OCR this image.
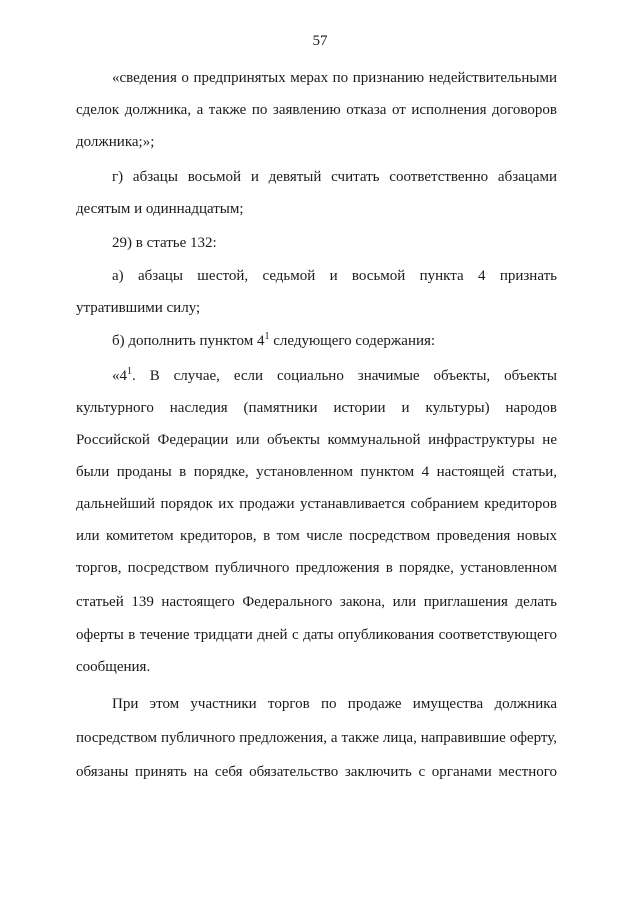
57
«сведения о предпринятых мерах по признанию недействительными
сделок должника, а также по заявлению отказа от исполнения договоров
должника;»;
г) абзацы восьмой и девятый считать соответственно абзацами
десятым и одиннадцатым;
29) в статье 132:
а) абзацы шестой, седьмой и восьмой пункта 4 признать
утратившими силу;
б) дополнить пунктом $4^1$ следующего содержания:
«$4^1$ . В случае, если социально значимые объекты, объекты
культурного наследия (памятники истории и культуры) народов
Российской Федерации или объекты коммунальной инфраструктуры не
были проданы в порядке, установленном пунктом 4 настоящей статьи,
дальнейший порядок их продажи устанавливается собранием кредиторов
или комитетом кредиторов, в том числе посредством проведения новых
торгов, посредством публичного предложения в порядке, установленном
статьей 139 настоящего Федерального закона, или приглашения делать
оферты в течение тридцати дней с даты опубликования соответствующего
сообщения.
При этом участники торгов по продаже имущества должника
посредством публичного предложения, а также лица, направившие оферту,
обязаны принять на себя обязательство заключить с органами местного
